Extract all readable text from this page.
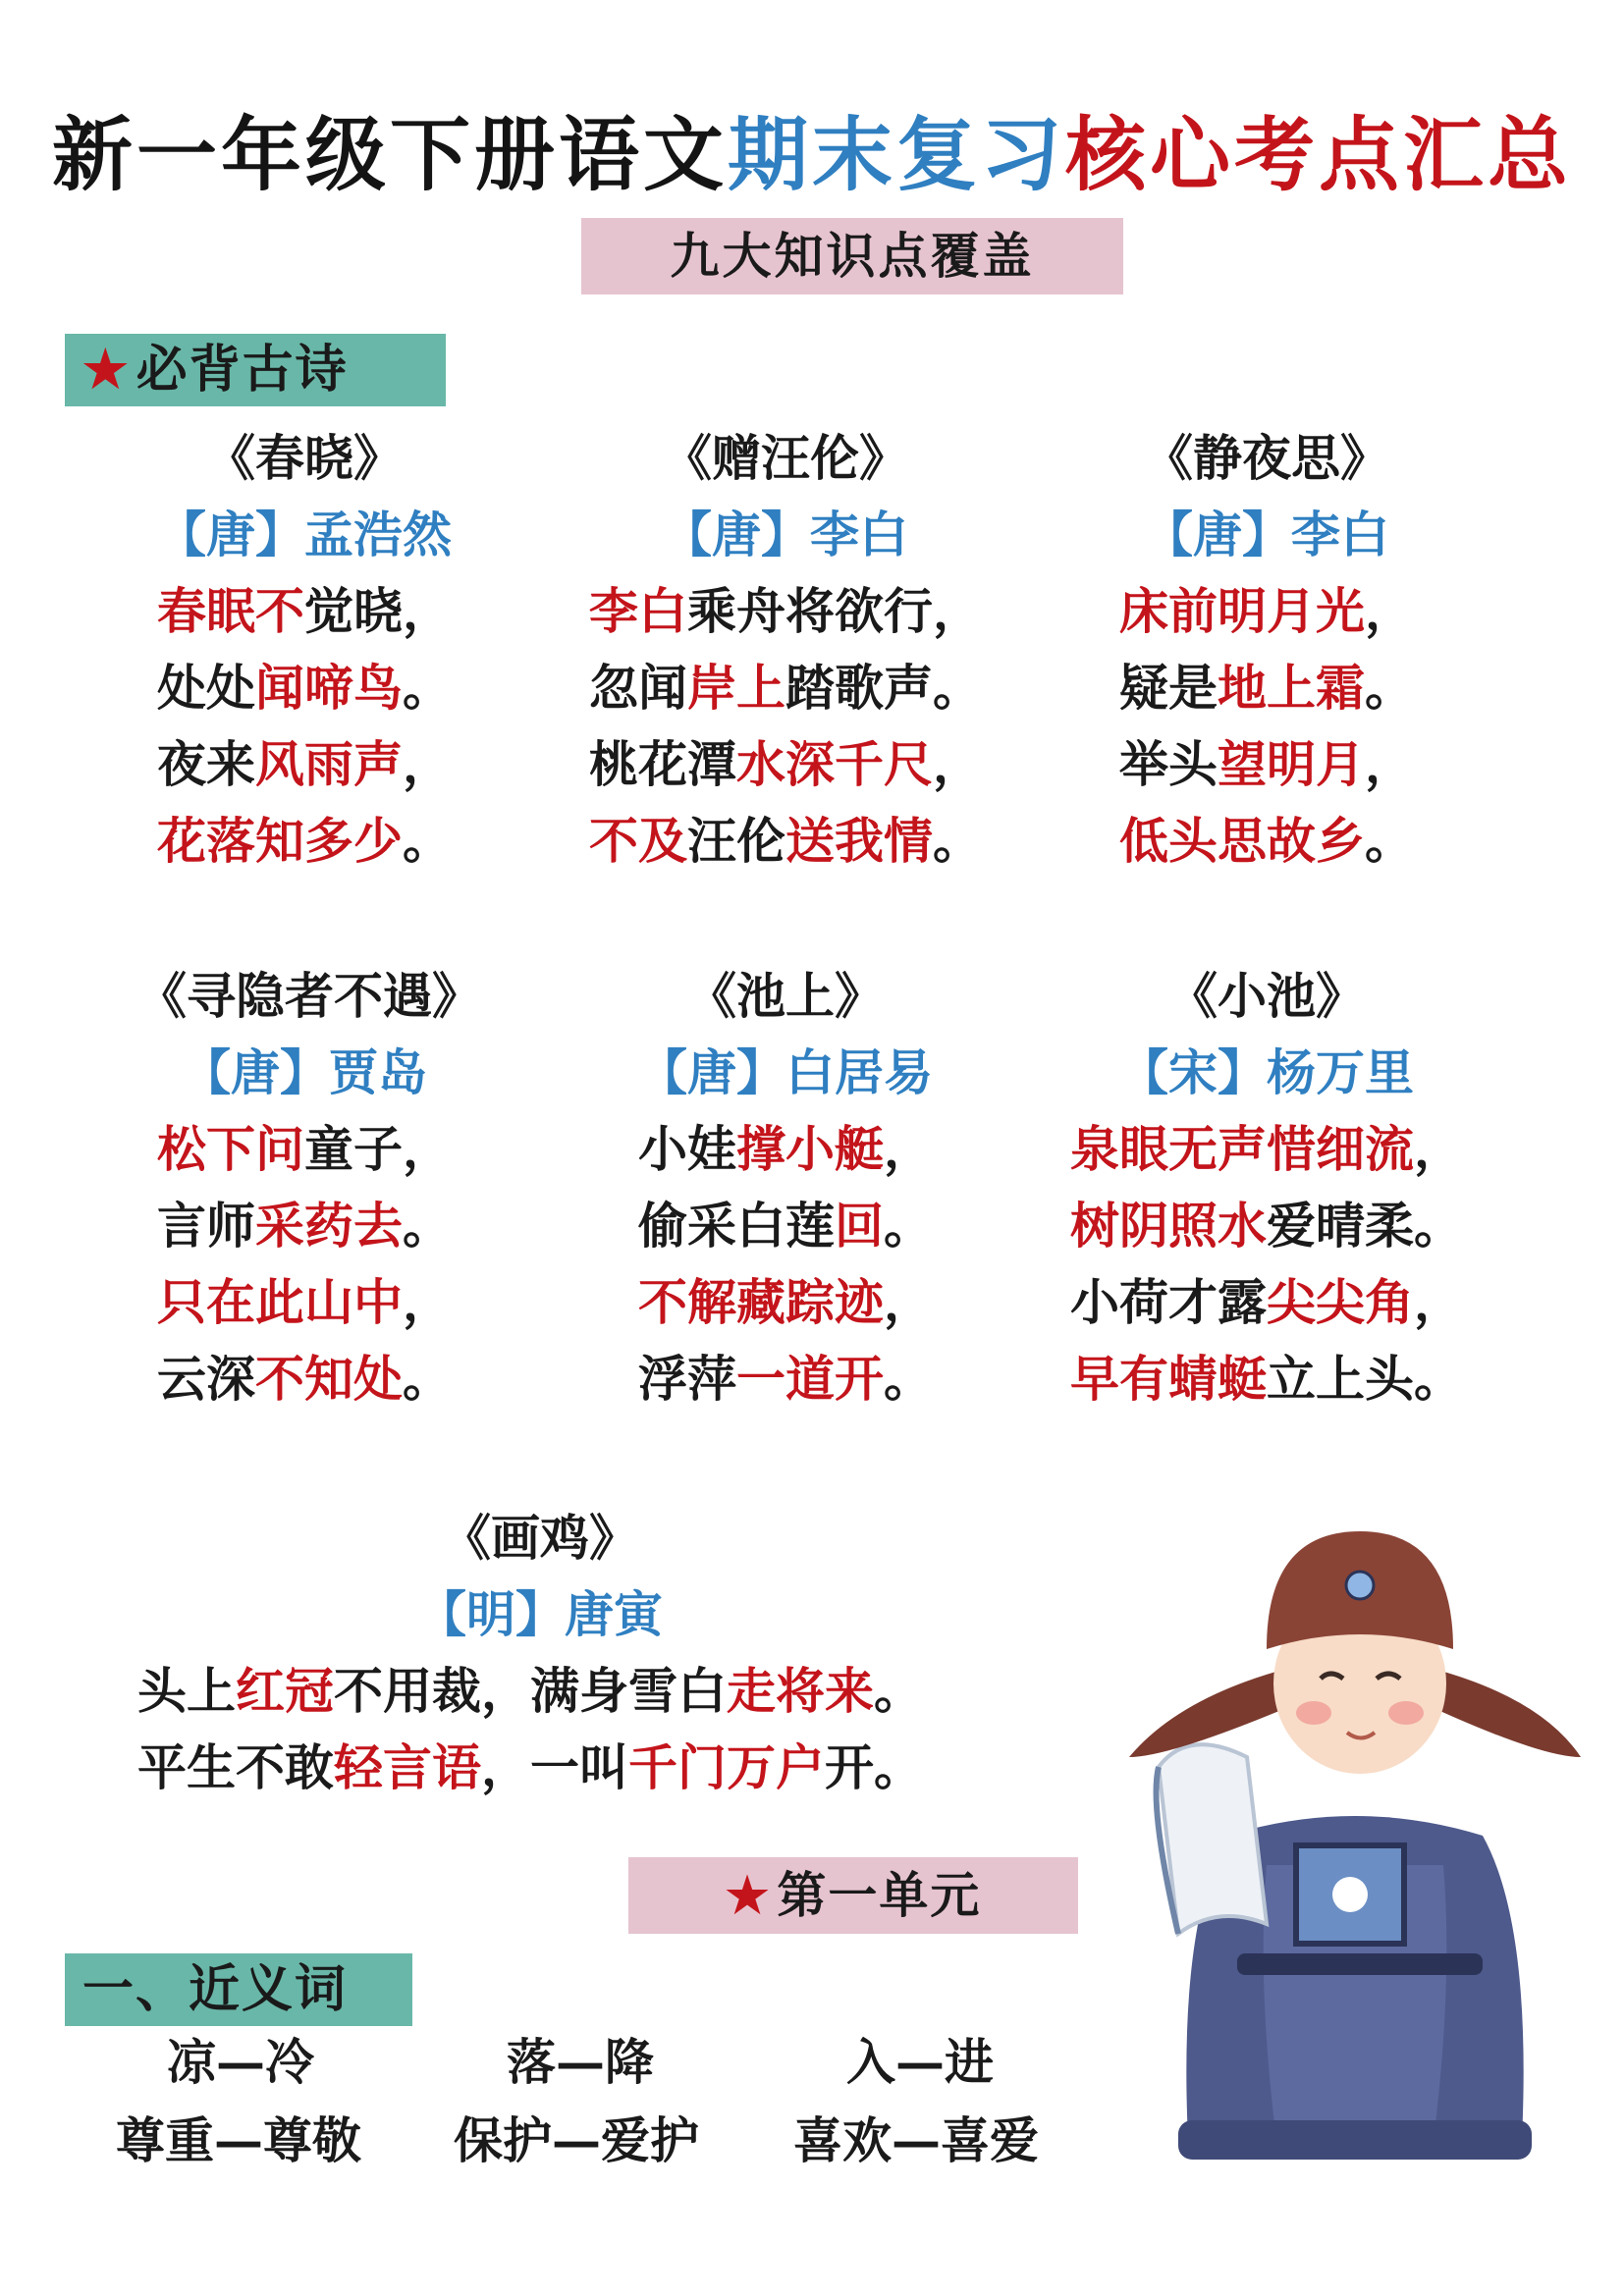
新一年级下册语文期末复习核心考点汇总
九大知识点覆盖
★ 必背古诗
《春晓》
【唐】孟浩然
春眠不觉晓，
处处闻啼鸟。
夜来风雨声，
花落知多少。
《赠汪伦》
【唐】李白
李白乘舟将欲行，
忽闻岸上踏歌声。
桃花潭水深千尺，
不及汪伦送我情。
《静夜思》
【唐】李白
床前明月光，
疑是地上霜。
举头望明月，
低头思故乡。
《寻隐者不遇》
【唐】贾岛
松下问童子，
言师采药去。
只在此山中，
云深不知处。
《池上》
【唐】白居易
小娃撑小艇，
偷采白莲回。
不解藏踪迹，
浮萍一道开。
《小池》
【宋】杨万里
泉眼无声惜细流，
树阴照水爱晴柔。
小荷才露尖尖角，
早有蜻蜓立上头。
《画鸡》
【明】唐寅
头上红冠不用裁，满身雪白走将来。
平生不敢轻言语，一叫千门万户开。
★ 第一单元
一、近义词
凉—冷	落—降	入—进
尊重—尊敬 保护—爱护 喜欢—喜爱
